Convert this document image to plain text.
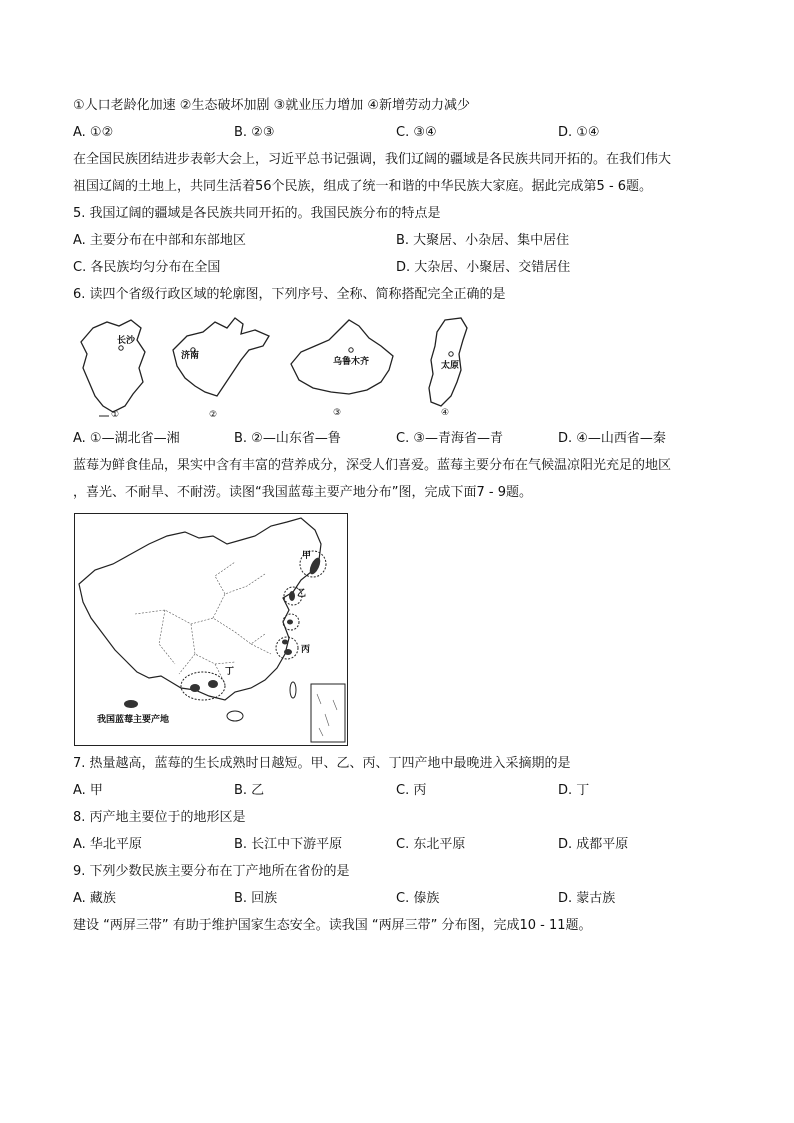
①人口老龄化加速 ②生态破坏加剧 ③就业压力增加 ④新增劳动力减少
A. ①②	B. ②③	C. ③④	D. ①④
在全国民族团结进步表彰大会上，习近平总书记强调，我们辽阔的疆域是各民族共同开拓的。在我们伟大
祖国辽阔的土地上，共同生活着56个民族，组成了统一和谐的中华民族大家庭。据此完成第5 - 6题。
5. 我国辽阔的疆域是各民族共同开拓的。我国民族分布的特点是
A. 主要分布在中部和东部地区	B. 大聚居、小杂居、集中居住
C. 各民族均匀分布在全国	D. 大杂居、小聚居、交错居住
6. 读四个省级行政区域的轮廓图，下列序号、全称、简称搭配完全正确的是
长沙
①
济南
②
乌鲁木齐
③
太原
④
A. ①—湖北省—湘	B. ②—山东省—鲁	C. ③—青海省—青	D. ④—山西省—秦
蓝莓为鲜食佳品，果实中含有丰富的营养成分，深受人们喜爱。蓝莓主要分布在气候温凉阳光充足的地区
，喜光、不耐旱、不耐涝。读图“我国蓝莓主要产地分布”图，完成下面7 - 9题。
甲
乙
丙
丁
我国蓝莓主要产地
7. 热量越高，蓝莓的生长成熟时日越短。甲、乙、丙、丁四产地中最晚进入采摘期的是
A. 甲	B. 乙	C. 丙	D. 丁
8. 丙产地主要位于的地形区是
A. 华北平原	B. 长江中下游平原	C. 东北平原	D. 成都平原
9. 下列少数民族主要分布在丁产地所在省份的是
A. 藏族	B. 回族	C. 傣族	D. 蒙古族
建设 “两屏三带” 有助于维护国家生态安全。读我国 “两屏三带” 分布图，完成10 - 11题。
